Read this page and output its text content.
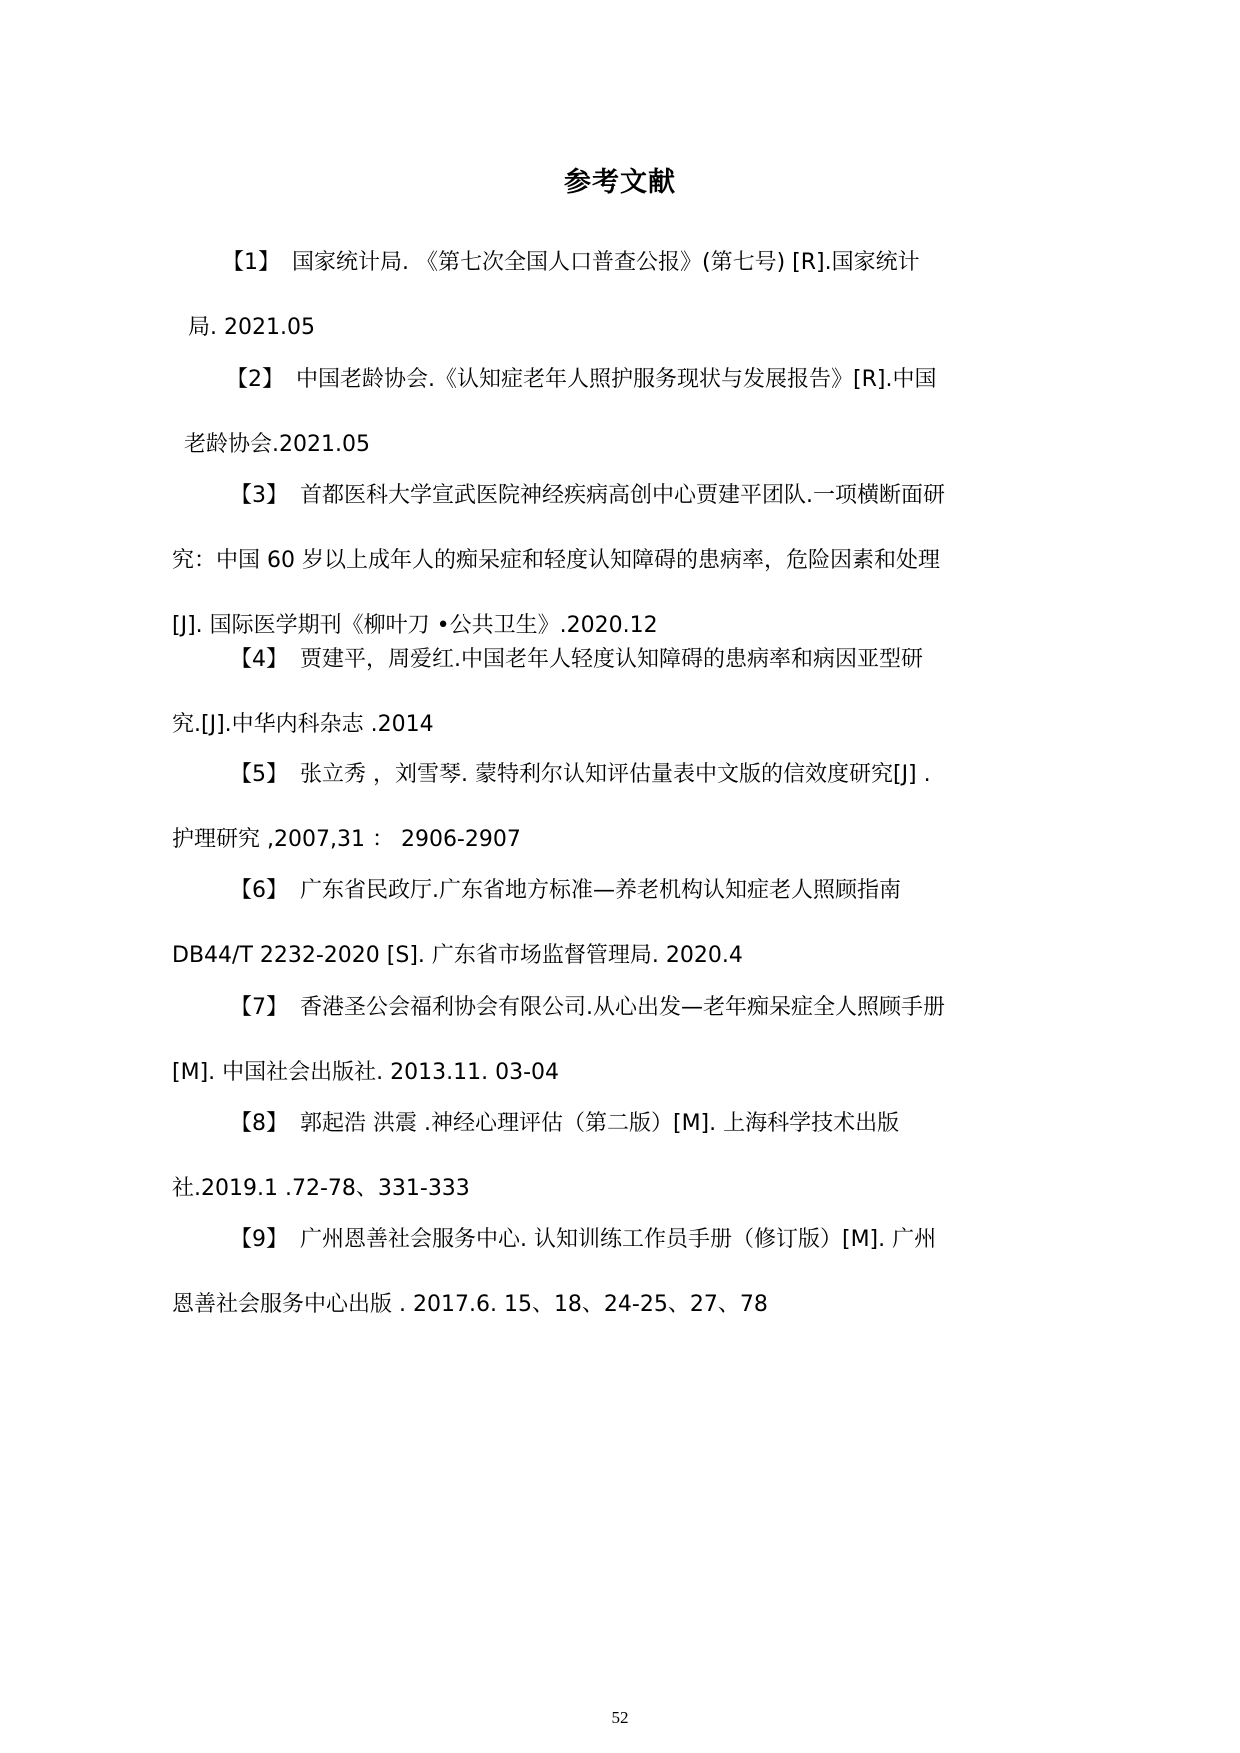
参考文献
【1】 国家统计局. 《第七次全国人口普查公报》(第七号) [R].国家统计
局. 2021.05
【2】 中国老龄协会.《认知症老年人照护服务现状与发展报告》[R].中国
老龄协会.2021.05
【3】 首都医科大学宣武医院神经疾病高创中心贾建平团队.一项横断面研
究：中国 60 岁以上成年人的痴呆症和轻度认知障碍的患病率，危险因素和处理
[J]. 国际医学期刊《柳叶刀 •公共卫生》.2020.12
【4】 贾建平，周爱红.中国老年人轻度认知障碍的患病率和病因亚型研
究.[J].中华内科杂志 .2014
【5】 张立秀 ，刘雪琴. 蒙特利尔认知评估量表中文版的信效度研究[J] .
护理研究 ,2007,31 ： 2906-2907
【6】 广东省民政厅.广东省地方标准—养老机构认知症老人照顾指南
DB44/T 2232-2020 [S]. 广东省市场监督管理局. 2020.4
【7】 香港圣公会福利协会有限公司.从心出发—老年痴呆症全人照顾手册
[M]. 中国社会出版社. 2013.11. 03-04
【8】 郭起浩 洪震 .神经心理评估（第二版）[M]. 上海科学技术出版
社.2019.1 .72-78、331-333
【9】 广州恩善社会服务中心. 认知训练工作员手册（修订版）[M]. 广州
恩善社会服务中心出版 . 2017.6. 15、18、24-25、27、78
52
